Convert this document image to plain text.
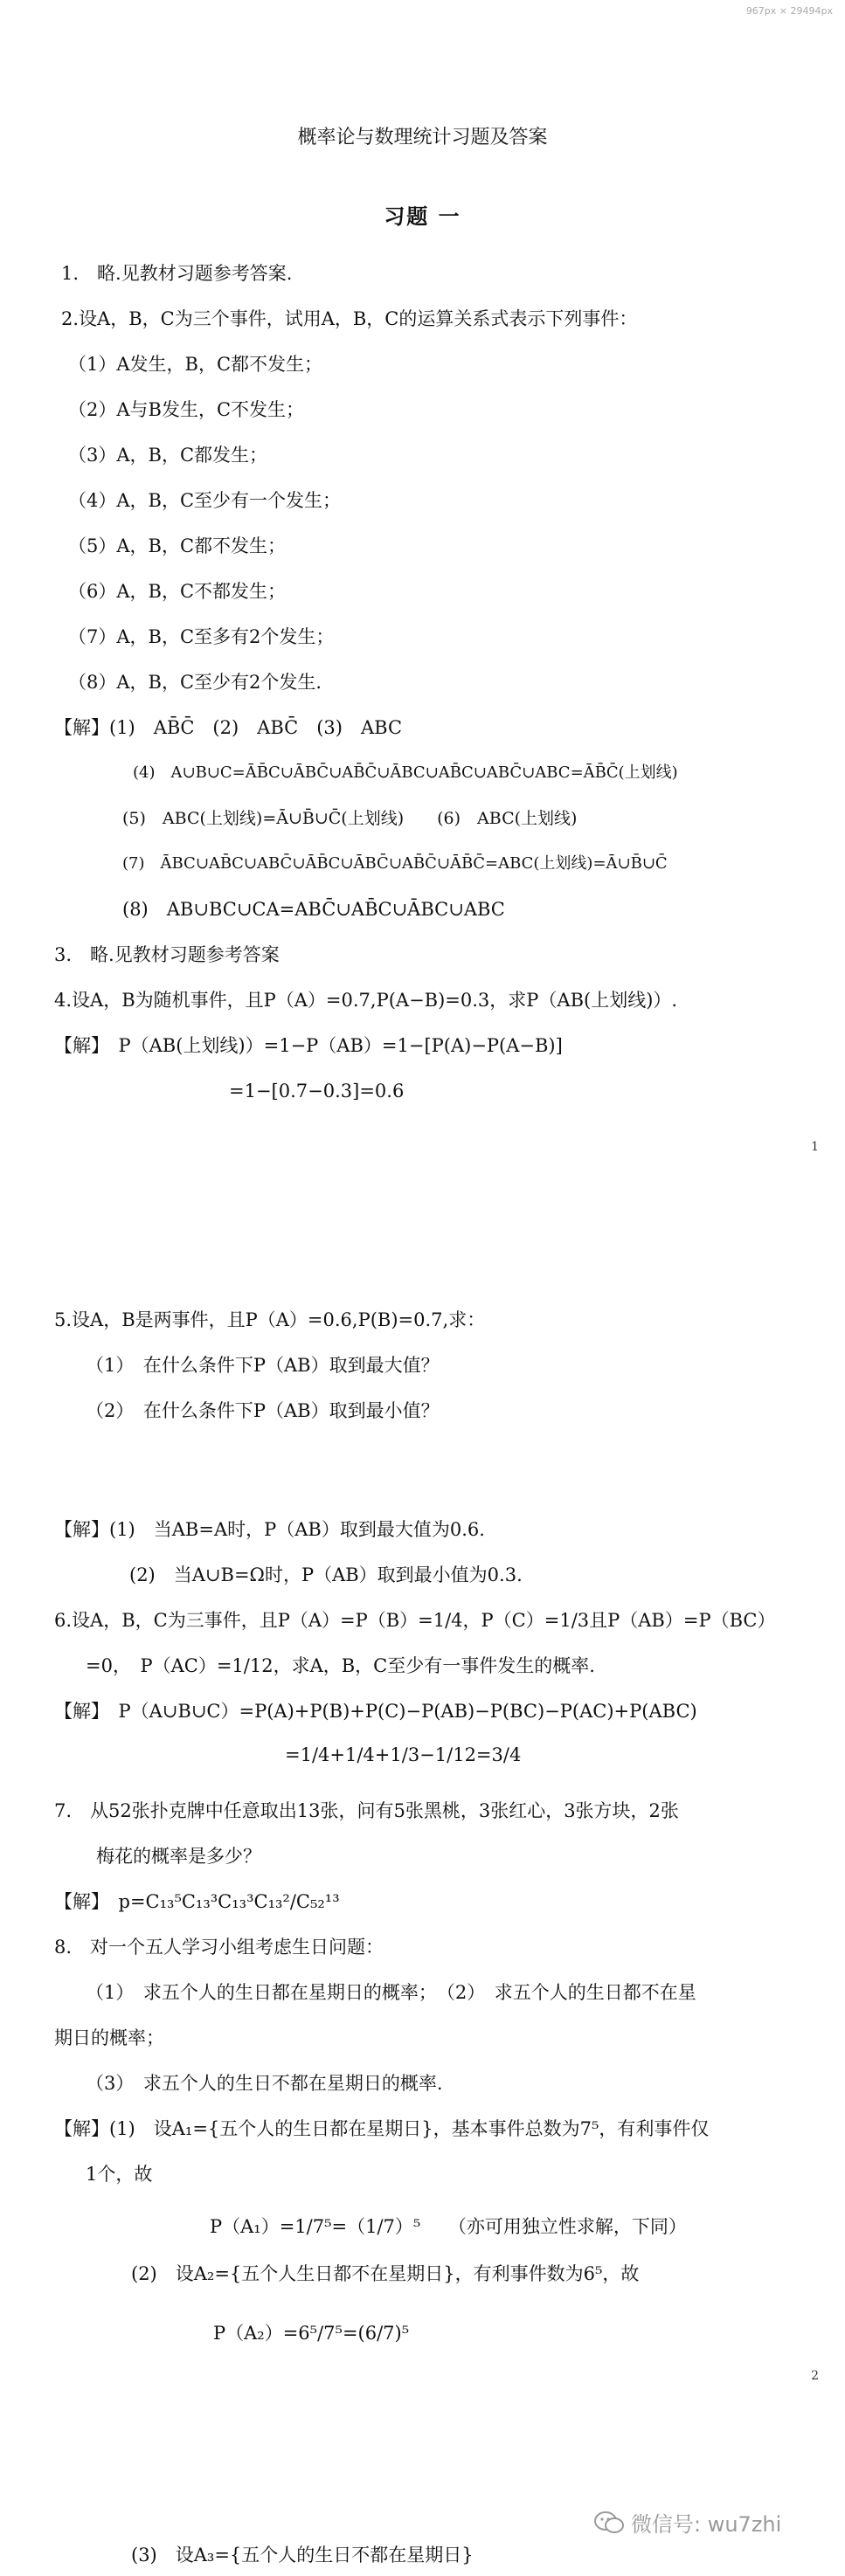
967px × 29494px
概率论与数理统计习题及答案
习题 一
1.　略.见教材习题参考答案.
2.设A，B，C为三个事件，试用A，B，C的运算关系式表示下列事件：
（1）A发生，B，C都不发生；
（2）A与B发生，C不发生；
（3）A，B，C都发生；
（4）A，B，C至少有一个发生；
（5）A，B，C都不发生；
（6）A，B，C不都发生；
（7）A，B，C至多有2个发生；
（8）A，B，C至少有2个发生.
【解】(1)　AB̄C̄　(2)　ABC̄　(3)　ABC
(4)　A∪B∪C=ĀB̄C∪ĀBC̄∪AB̄C̄∪ĀBC∪AB̄C∪ABC̄∪ABC=ĀB̄C̄(上划线)
(5)　ABC(上划线)=Ā∪B̄∪C̄(上划线)　　(6)　ABC(上划线)
(7)　ĀBC∪AB̄C∪ABC̄∪ĀB̄C∪ĀBC̄∪AB̄C̄∪ĀB̄C̄=ABC(上划线)=Ā∪B̄∪C̄
(8)　AB∪BC∪CA=ABC̄∪AB̄C∪ĀBC∪ABC
3.　略.见教材习题参考答案
4.设A，B为随机事件，且P（A）=0.7,P(A−B)=0.3，求P（AB(上划线)）.
【解】　P（AB(上划线)）=1−P（AB）=1−[P(A)−P(A−B)]
=1−[0.7−0.3]=0.6
1
5.设A，B是两事件，且P（A）=0.6,P(B)=0.7,求：
（1）　在什么条件下P（AB）取到最大值？
（2）　在什么条件下P（AB）取到最小值？
【解】(1)　当AB=A时，P（AB）取到最大值为0.6.
(2)　当A∪B=Ω时，P（AB）取到最小值为0.3.
6.设A，B，C为三事件，且P（A）=P（B）=1/4，P（C）=1/3且P（AB）=P（BC）
=0，　P（AC）=1/12，求A，B，C至少有一事件发生的概率.
【解】　P（A∪B∪C）=P(A)+P(B)+P(C)−P(AB)−P(BC)−P(AC)+P(ABC)
=1/4+1/4+1/3−1/12=3/4
7.　从52张扑克牌中任意取出13张，问有5张黑桃，3张红心，3张方块，2张
梅花的概率是多少？
【解】　p=C₁₃⁵C₁₃³C₁₃³C₁₃²/C₅₂¹³
8.　对一个五人学习小组考虑生日问题：
（1）　求五个人的生日都在星期日的概率；　（2）　求五个人的生日都不在星
期日的概率；
（3）　求五个人的生日不都在星期日的概率.
【解】(1)　设A₁={五个人的生日都在星期日}，基本事件总数为7⁵，有利事件仅
1个，故
P（A₁）=1/7⁵=（1/7）⁵　　（亦可用独立性求解，下同）
(2)　设A₂={五个人生日都不在星期日}，有利事件数为6⁵，故
P（A₂）=6⁵/7⁵=(6/7)⁵
2
(3)　设A₃={五个人的生日不都在星期日}
微信号: wu7zhi
